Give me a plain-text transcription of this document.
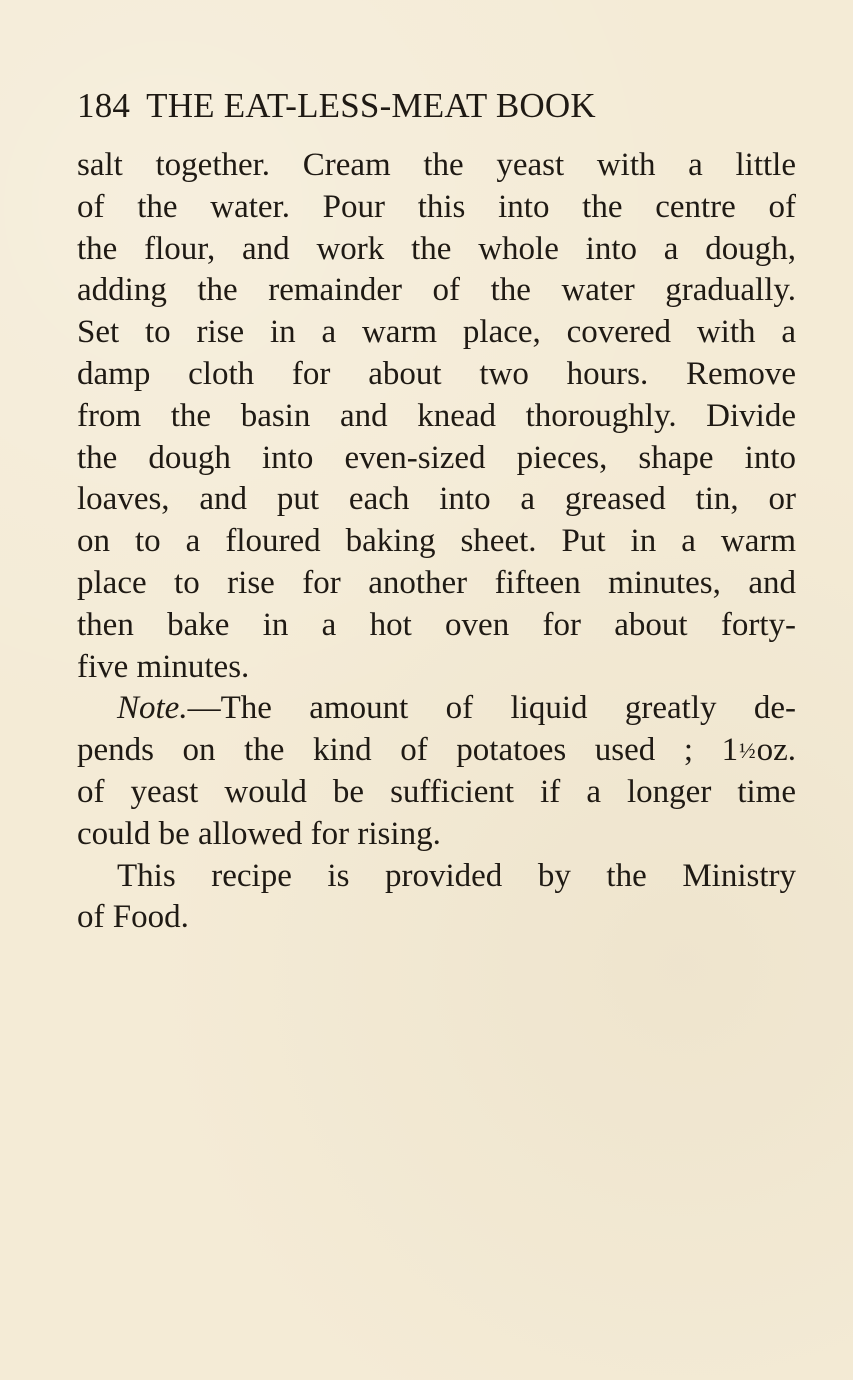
184 THE EAT-LESS-MEAT BOOK
salt together. Cream the yeast with a little
of the water. Pour this into the centre of
the flour, and work the whole into a dough,
adding the remainder of the water gradually.
Set to rise in a warm place, covered with a
damp cloth for about two hours. Remove
from the basin and knead thoroughly. Divide
the dough into even-sized pieces, shape into
loaves, and put each into a greased tin, or
on to a floured baking sheet. Put in a warm
place to rise for another fifteen minutes, and
then bake in a hot oven for about forty-
five minutes.
Note.—The amount of liquid greatly de-
pends on the kind of potatoes used ; 1½oz.
of yeast would be sufficient if a longer time
could be allowed for rising.
This recipe is provided by the Ministry
of Food.
